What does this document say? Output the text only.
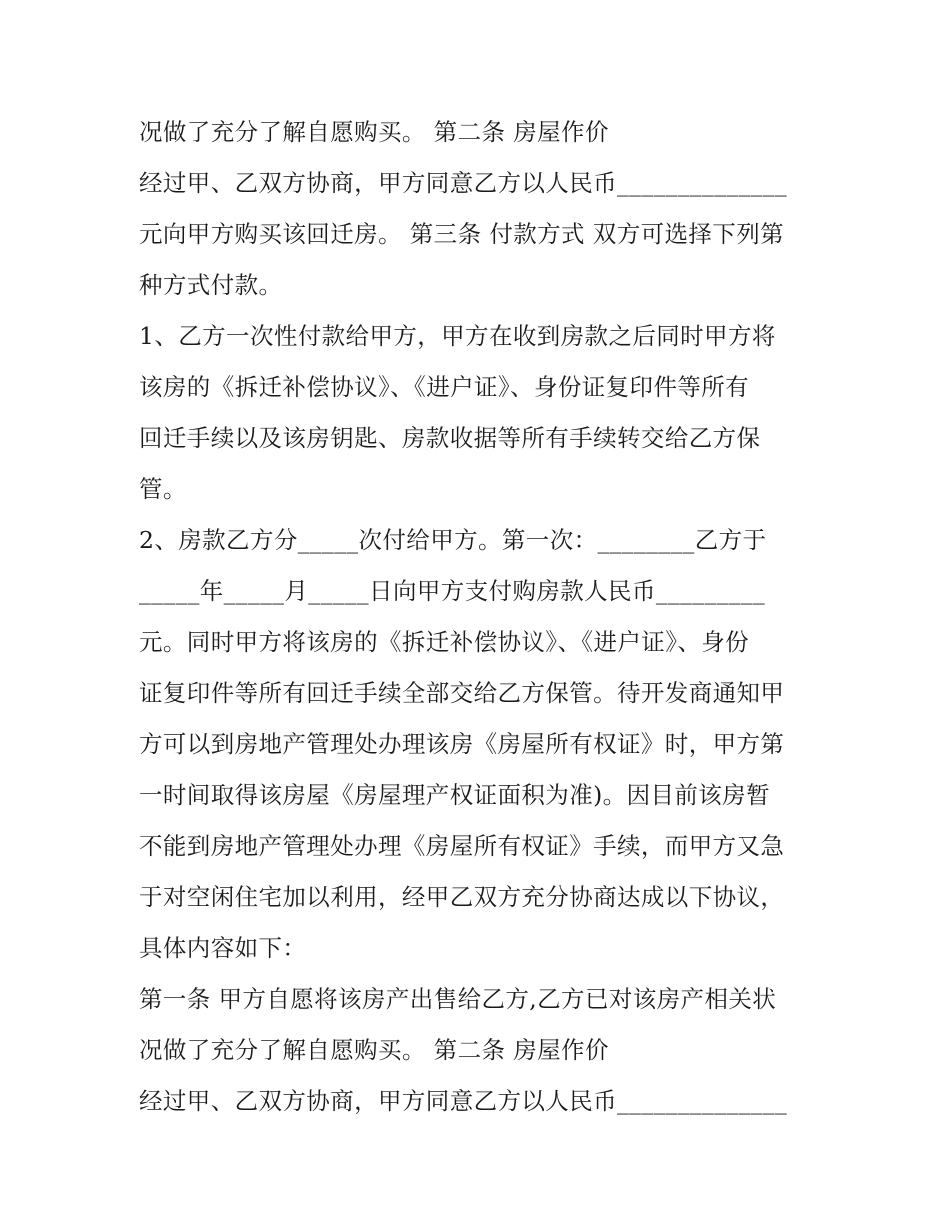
况做了充分了解自愿购买。 第二条 房屋作价
经过甲、乙双方协商，甲方同意乙方以人民币______________
元向甲方购买该回迁房。 第三条 付款方式 双方可选择下列第
种方式付款。
1、乙方一次性付款给甲方，甲方在收到房款之后同时甲方将
该房的《拆迁补偿协议》、《进户证》、身份证复印件等所有
回迁手续以及该房钥匙、房款收据等所有手续转交给乙方保
管。
2、房款乙方分_____次付给甲方。第一次：________乙方于
_____年_____月_____日向甲方支付购房款人民币_________
元。同时甲方将该房的《拆迁补偿协议》、《进户证》、身份
证复印件等所有回迁手续全部交给乙方保管。待开发商通知甲
方可以到房地产管理处办理该房《房屋所有权证》时，甲方第
一时间取得该房屋《房屋理产权证面积为准)。因目前该房暂
不能到房地产管理处办理《房屋所有权证》手续，而甲方又急
于对空闲住宅加以利用，经甲乙双方充分协商达成以下协议，
具体内容如下：
第一条 甲方自愿将该房产出售给乙方,乙方已对该房产相关状
况做了充分了解自愿购买。 第二条 房屋作价
经过甲、乙双方协商，甲方同意乙方以人民币______________
